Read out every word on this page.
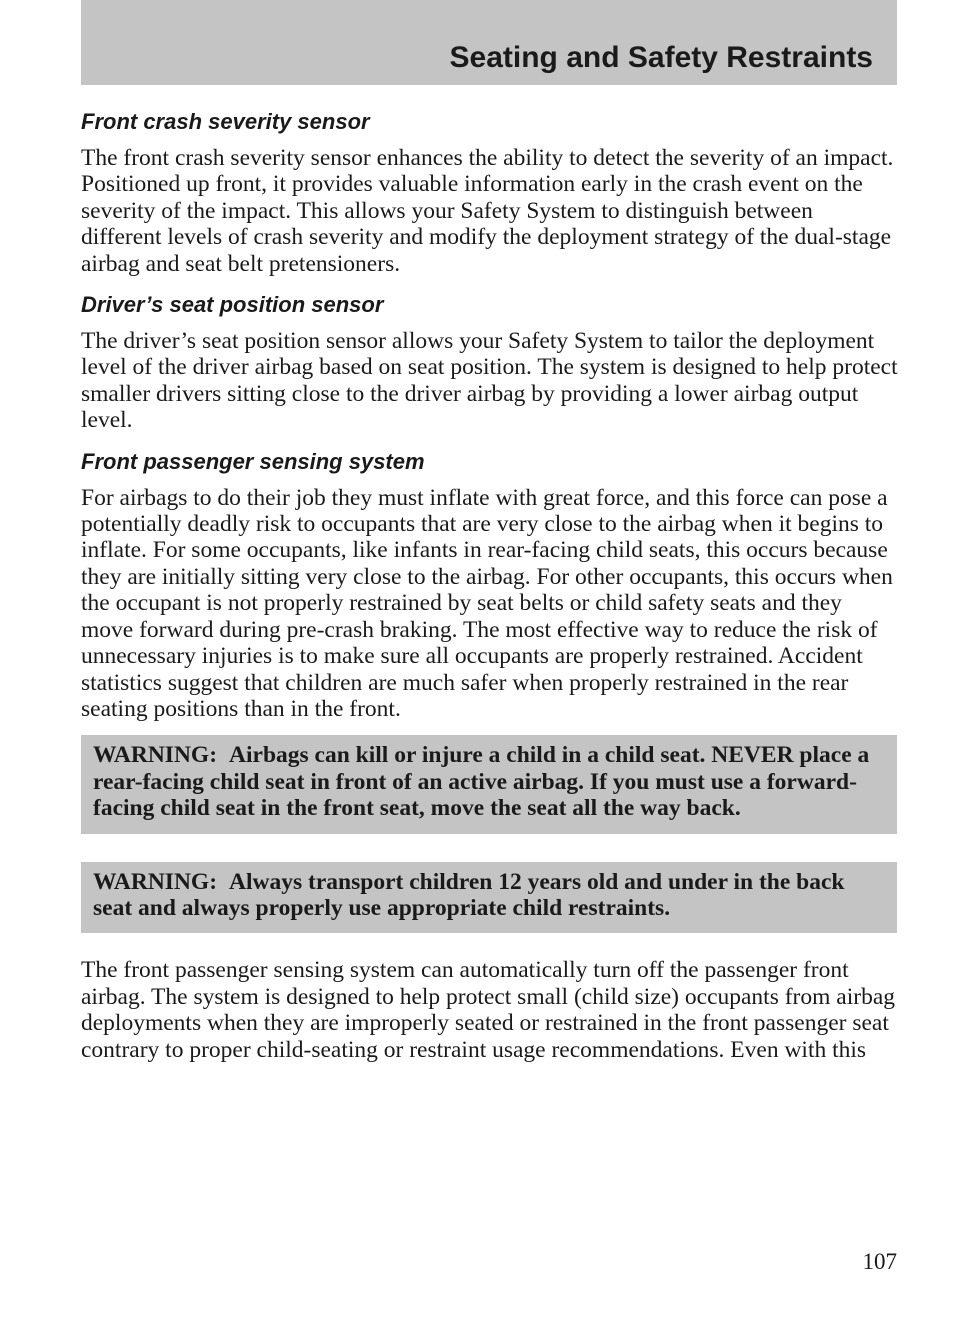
Seating and Safety Restraints
Front crash severity sensor
The front crash severity sensor enhances the ability to detect the severity of an impact. Positioned up front, it provides valuable information early in the crash event on the severity of the impact. This allows your Safety System to distinguish between different levels of crash severity and modify the deployment strategy of the dual-stage airbag and seat belt pretensioners.
Driver’s seat position sensor
The driver’s seat position sensor allows your Safety System to tailor the deployment level of the driver airbag based on seat position. The system is designed to help protect smaller drivers sitting close to the driver airbag by providing a lower airbag output level.
Front passenger sensing system
For airbags to do their job they must inflate with great force, and this force can pose a potentially deadly risk to occupants that are very close to the airbag when it begins to inflate. For some occupants, like infants in rear-facing child seats, this occurs because they are initially sitting very close to the airbag. For other occupants, this occurs when the occupant is not properly restrained by seat belts or child safety seats and they move forward during pre-crash braking. The most effective way to reduce the risk of unnecessary injuries is to make sure all occupants are properly restrained. Accident statistics suggest that children are much safer when properly restrained in the rear seating positions than in the front.
WARNING: Airbags can kill or injure a child in a child seat. NEVER place a rear-facing child seat in front of an active airbag. If you must use a forward-facing child seat in the front seat, move the seat all the way back.
WARNING: Always transport children 12 years old and under in the back seat and always properly use appropriate child restraints.
The front passenger sensing system can automatically turn off the passenger front airbag. The system is designed to help protect small (child size) occupants from airbag deployments when they are improperly seated or restrained in the front passenger seat contrary to proper child-seating or restraint usage recommendations. Even with this
107
